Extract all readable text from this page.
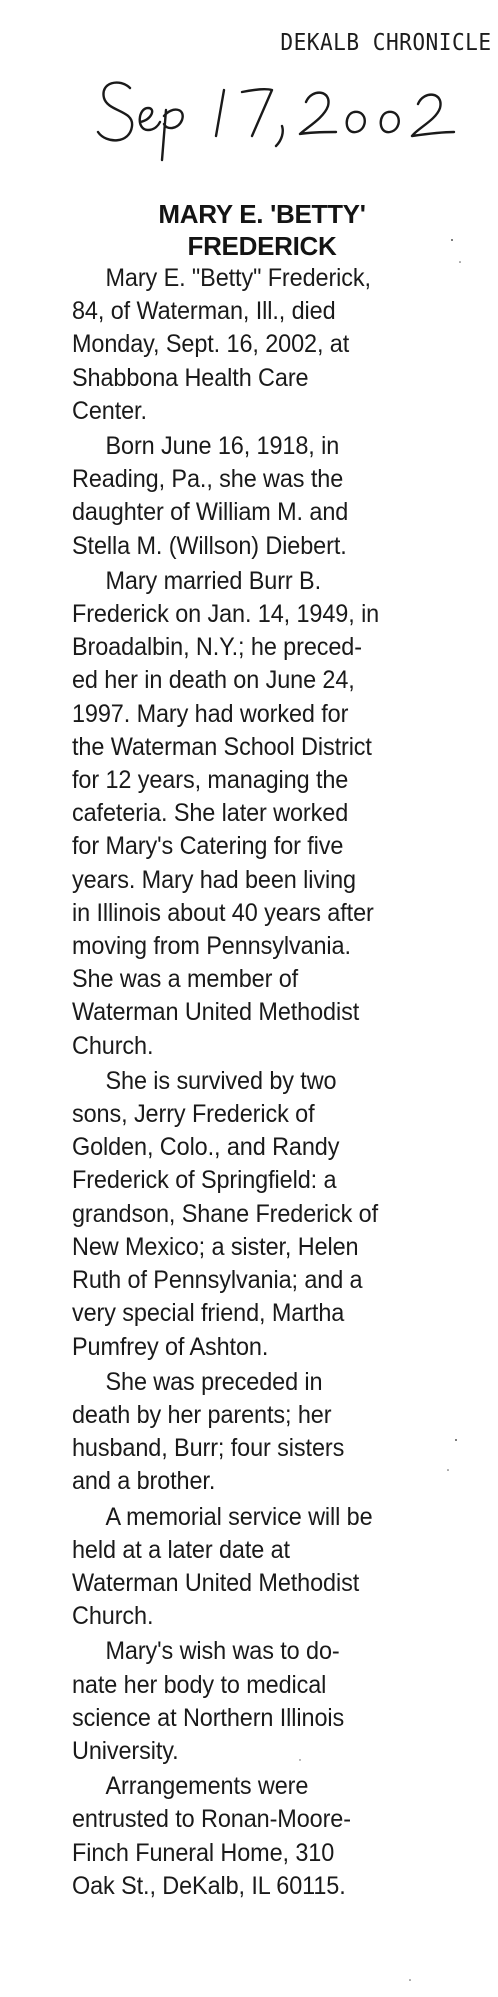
DEKALB CHRONICLE
MARY E. 'BETTY'
FREDERICK
Mary E. "Betty" Frederick,
84, of Waterman, Ill., died
Monday, Sept. 16, 2002, at
Shabbona Health Care
Center.
Born June 16, 1918, in
Reading, Pa., she was the
daughter of William M. and
Stella M. (Willson) Diebert.
Mary married Burr B.
Frederick on Jan. 14, 1949, in
Broadalbin, N.Y.; he preced-
ed her in death on June 24,
1997. Mary had worked for
the Waterman School District
for 12 years, managing the
cafeteria. She later worked
for Mary's Catering for five
years. Mary had been living
in Illinois about 40 years after
moving from Pennsylvania.
She was a member of
Waterman United Methodist
Church.
She is survived by two
sons, Jerry Frederick of
Golden, Colo., and Randy
Frederick of Springfield: a
grandson, Shane Frederick of
New Mexico; a sister, Helen
Ruth of Pennsylvania; and a
very special friend, Martha
Pumfrey of Ashton.
She was preceded in
death by her parents; her
husband, Burr; four sisters
and a brother.
A memorial service will be
held at a later date at
Waterman United Methodist
Church.
Mary's wish was to do-
nate her body to medical
science at Northern Illinois
University.
Arrangements were
entrusted to Ronan-Moore-
Finch Funeral Home, 310
Oak St., DeKalb, IL 60115.
